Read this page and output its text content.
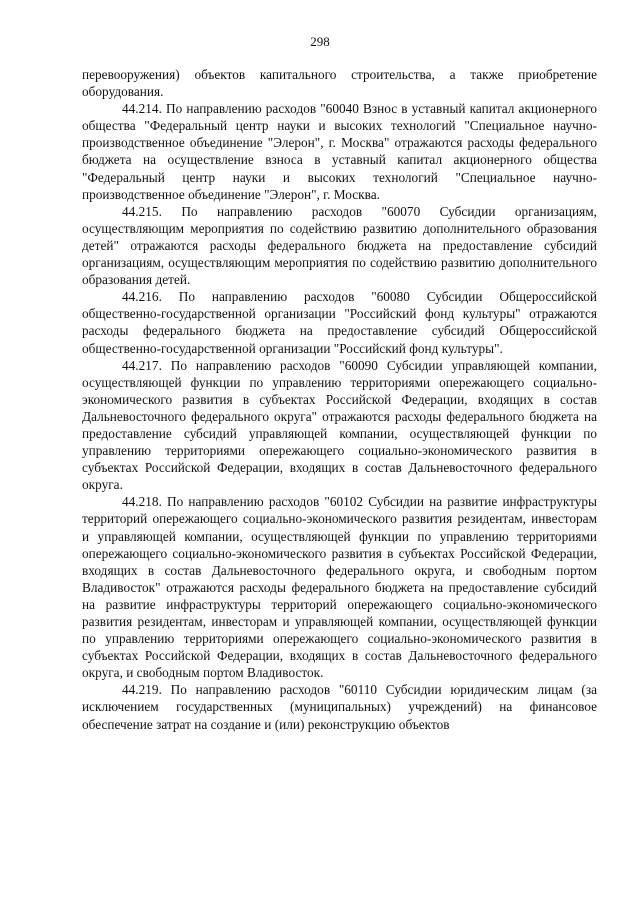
298

перевооружения) объектов капитального строительства, а также приобретение оборудования.

44.214. По направлению расходов "60040 Взнос в уставный капитал акционерного общества "Федеральный центр науки и высоких технологий "Специальное научно-производственное объединение "Элерон", г. Москва" отражаются расходы федерального бюджета на осуществление взноса в уставный капитал акционерного общества "Федеральный центр науки и высоких технологий "Специальное научно-производственное объединение "Элерон", г. Москва.

44.215. По направлению расходов "60070 Субсидии организациям, осуществляющим мероприятия по содействию развитию дополнительного образования детей" отражаются расходы федерального бюджета на предоставление субсидий организациям, осуществляющим мероприятия по содействию развитию дополнительного образования детей.

44.216. По направлению расходов "60080 Субсидии Общероссийской общественно-государственной организации "Российский фонд культуры" отражаются расходы федерального бюджета на предоставление субсидий Общероссийской общественно-государственной организации "Российский фонд культуры".

44.217. По направлению расходов "60090 Субсидии управляющей компании, осуществляющей функции по управлению территориями опережающего социально-экономического развития в субъектах Российской Федерации, входящих в состав Дальневосточного федерального округа" отражаются расходы федерального бюджета на предоставление субсидий управляющей компании, осуществляющей функции по управлению территориями опережающего социально-экономического развития в субъектах Российской Федерации, входящих в состав Дальневосточного федерального округа.

44.218. По направлению расходов "60102 Субсидии на развитие инфраструктуры территорий опережающего социально-экономического развития резидентам, инвесторам и управляющей компании, осуществляющей функции по управлению территориями опережающего социально-экономического развития в субъектах Российской Федерации, входящих в состав Дальневосточного федерального округа, и свободным портом Владивосток" отражаются расходы федерального бюджета на предоставление субсидий на развитие инфраструктуры территорий опережающего социально-экономического развития резидентам, инвесторам и управляющей компании, осуществляющей функции по управлению территориями опережающего социально-экономического развития в субъектах Российской Федерации, входящих в состав Дальневосточного федерального округа, и свободным портом Владивосток.

44.219. По направлению расходов "60110 Субсидии юридическим лицам (за исключением государственных (муниципальных) учреждений) на финансовое обеспечение затрат на создание и (или) реконструкцию объектов
